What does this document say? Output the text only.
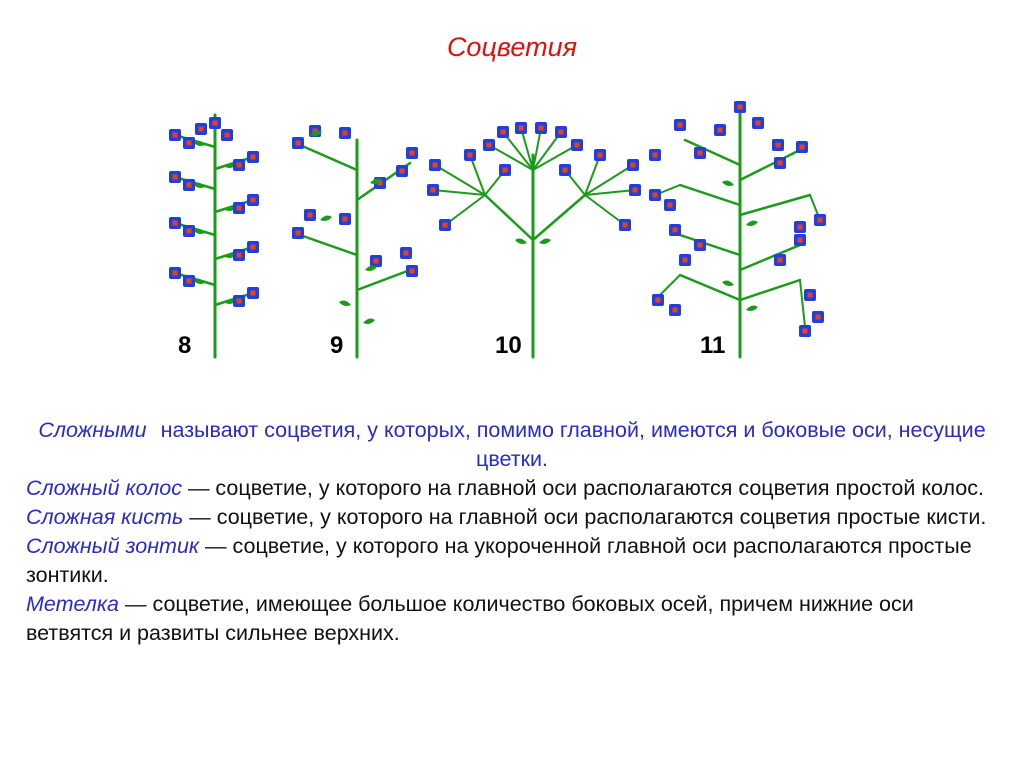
Соцветия
8	9	10	11

Сложными называют соцветия, у которых, помимо главной, имеются и боковые оси, несущие цветки.

Сложный колос — соцветие, у которого на главной оси располагаются соцветия простой колос.

Сложная кисть — соцветие, у которого на главной оси располагаются соцветия простые кисти.

Сложный зонтик — соцветие, у которого на укороченной главной оси располагаются простые зонтики.

Метелка — соцветие, имеющее большое количество боковых осей, причем нижние оси ветвятся и развиты сильнее верхних.
